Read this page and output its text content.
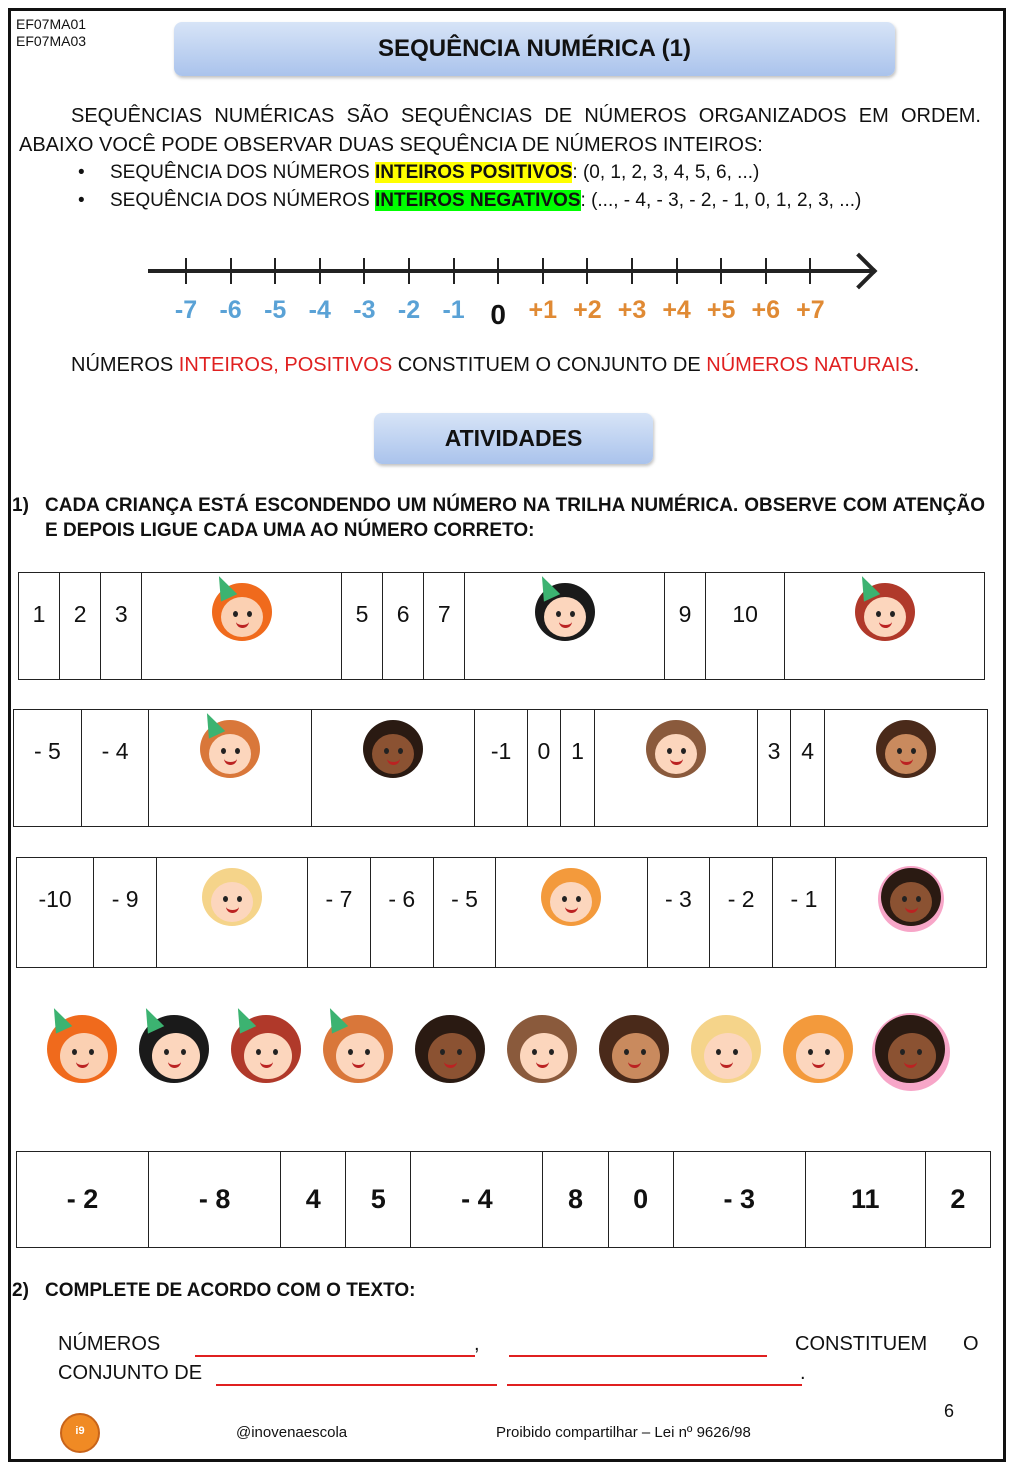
EF07MA01
EF07MA03	SEQUÊNCIA NUMÉRICA (1)
SEQUÊNCIAS NUMÉRICAS SÃO SEQUÊNCIAS DE NÚMEROS ORGANIZADOS EM ORDEM. ABAIXO VOCÊ PODE OBSERVAR DUAS SEQUÊNCIA DE NÚMEROS INTEIROS:
• SEQUÊNCIA DOS NÚMEROS INTEIROS POSITIVOS: (0, 1, 2, 3, 4, 5, 6, ...)
• SEQUÊNCIA DOS NÚMEROS INTEIROS NEGATIVOS: (..., - 4, - 3, - 2, - 1, 0, 1, 2, 3, ...)
-7 -6 -5 -4 -3 -2 -1 0 +1 +2 +3 +4 +5 +6 +7
NÚMEROS INTEIROS, POSITIVOS CONSTITUEM O CONJUNTO DE NÚMEROS NATURAIS.
ATIVIDADES
1) CADA CRIANÇA ESTÁ ESCONDENDO UM NÚMERO NA TRILHA NUMÉRICA. OBSERVE COM ATENÇÃO E DEPOIS LIGUE CADA UMA AO NÚMERO CORRETO:
1	2	3		5	6	7		9	10

- 5	- 4			-1	0	1		3	4

-10	- 9		- 7	- 6	- 5		- 3	- 2	- 1

- 2	- 8	4	5	- 4	8	0	- 3	11	2
2) COMPLETE DE ACORDO COM O TEXTO:
NÚMEROS	,	CONSTITUEM O
CONJUNTO DE	.
6
i9	@inovenaescola	Proibido compartilhar – Lei nº 9626/98
